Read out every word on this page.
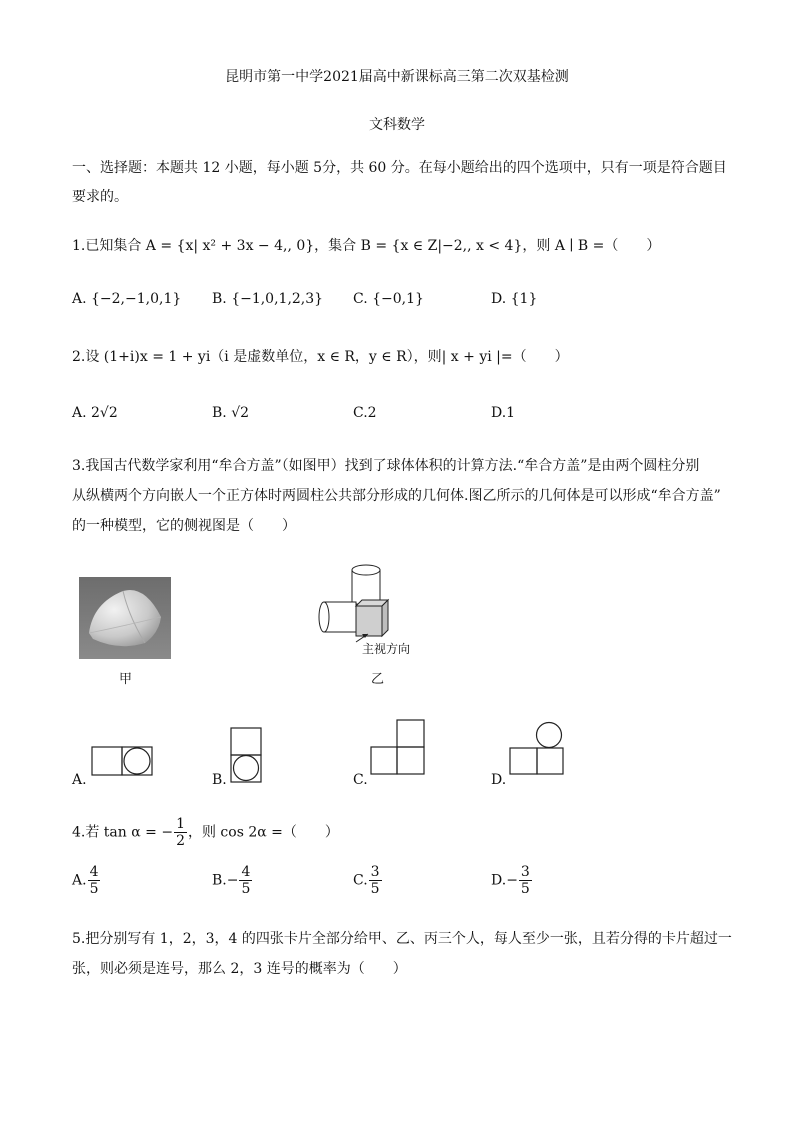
昆明市第一中学2021届高中新课标高三第二次双基检测
文科数学
一、选择题：本题共 12 小题，每小题 5分，共 60 分。在每小题给出的四个选项中，只有一项是符合题目
要求的。
1.已知集合 A = {x| x² + 3x − 4,, 0}，集合 B = {x ∈ Z|−2,, x < 4}，则 A ∣ B =（　　）
A. {−2,−1,0,1} B. {−1,0,1,2,3} C. {−0,1}	D. {1}
2.设 (1+i)x = 1 + yi（i 是虚数单位，x ∈ R，y ∈ R），则| x + yi |=（　　）
A. 2√2	B. √2	C.2	D.1
3.我国古代数学家利用“牟合方盖”（如图甲）找到了球体体积的计算方法.“牟合方盖”是由两个圆柱分别
从纵横两个方向嵌人一个正方体时两圆柱公共部分形成的几何体.图乙所示的几何体是可以形成“牟合方盖”
的一种模型，它的侧视图是（　　）
甲
主视方向
乙
A.	B.	C.	D.
4.若 tan α = − $\frac{1}{2}$ ，则 cos 2α =（　　）
A. $\frac{4}{5}$	$B.- \frac{4}{5}$	C. $\frac{3}{5}$	$D.- \frac{3}{5}$
5.把分别写有 1，2，3，4 的四张卡片全部分给甲、乙、丙三个人，每人至少一张，且若分得的卡片超过一
张，则必须是连号，那么 2，3 连号的概率为（　　）
